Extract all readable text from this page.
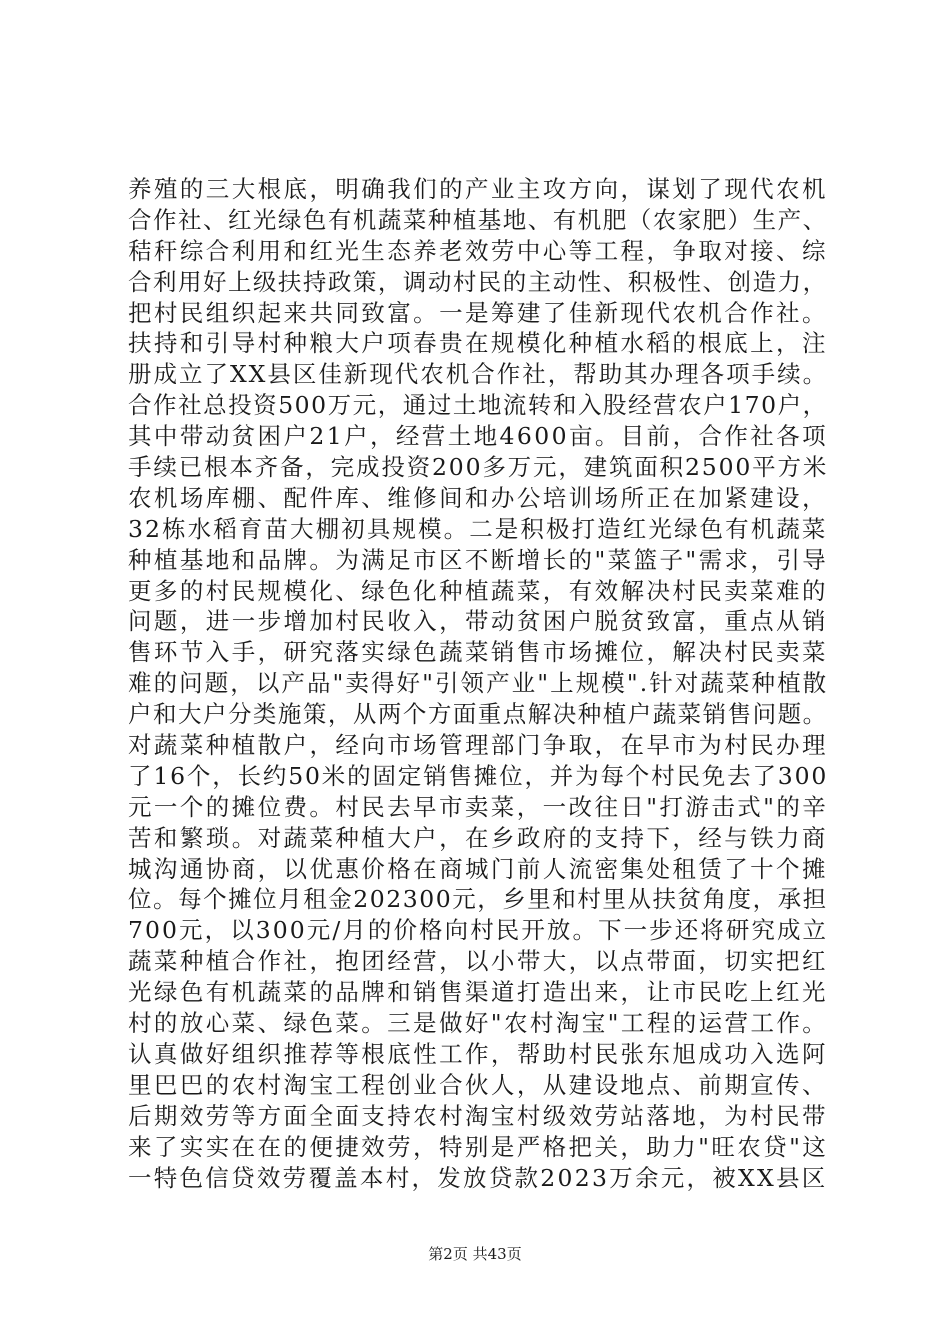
养殖的三大根底，明确我们的产业主攻方向，谋划了现代农机
合作社、红光绿色有机蔬菜种植基地、有机肥（农家肥）生产、
秸秆综合利用和红光生态养老效劳中心等工程，争取对接、综
合利用好上级扶持政策，调动村民的主动性、积极性、创造力，
把村民组织起来共同致富。一是筹建了佳新现代农机合作社。
扶持和引导村种粮大户项春贵在规模化种植水稻的根底上，注
册成立了XX县区佳新现代农机合作社，帮助其办理各项手续。
合作社总投资500万元，通过土地流转和入股经营农户170户，
其中带动贫困户21户，经营土地4600亩。目前，合作社各项
手续已根本齐备，完成投资200多万元，建筑面积2500平方米
农机场库棚、配件库、维修间和办公培训场所正在加紧建设，
32栋水稻育苗大棚初具规模。二是积极打造红光绿色有机蔬菜
种植基地和品牌。为满足市区不断增长的"菜篮子"需求，引导
更多的村民规模化、绿色化种植蔬菜，有效解决村民卖菜难的
问题，进一步增加村民收入，带动贫困户脱贫致富，重点从销
售环节入手，研究落实绿色蔬菜销售市场摊位，解决村民卖菜
难的问题，以产品"卖得好"引领产业"上规模".针对蔬菜种植散
户和大户分类施策，从两个方面重点解决种植户蔬菜销售问题。
对蔬菜种植散户，经向市场管理部门争取，在早市为村民办理
了16个，长约50米的固定销售摊位，并为每个村民免去了300
元一个的摊位费。村民去早市卖菜，一改往日"打游击式"的辛
苦和繁琐。对蔬菜种植大户，在乡政府的支持下，经与铁力商
城沟通协商，以优惠价格在商城门前人流密集处租赁了十个摊
位。每个摊位月租金202300元，乡里和村里从扶贫角度，承担
700元，以300元/月的价格向村民开放。下一步还将研究成立
蔬菜种植合作社，抱团经营，以小带大，以点带面，切实把红
光绿色有机蔬菜的品牌和销售渠道打造出来，让市民吃上红光
村的放心菜、绿色菜。三是做好"农村淘宝"工程的运营工作。
认真做好组织推荐等根底性工作，帮助村民张东旭成功入选阿
里巴巴的农村淘宝工程创业合伙人，从建设地点、前期宣传、
后期效劳等方面全面支持农村淘宝村级效劳站落地，为村民带
来了实实在在的便捷效劳，特别是严格把关，助力"旺农贷"这
一特色信贷效劳覆盖本村，发放贷款2023万余元，被XX县区
第2页 共43页
